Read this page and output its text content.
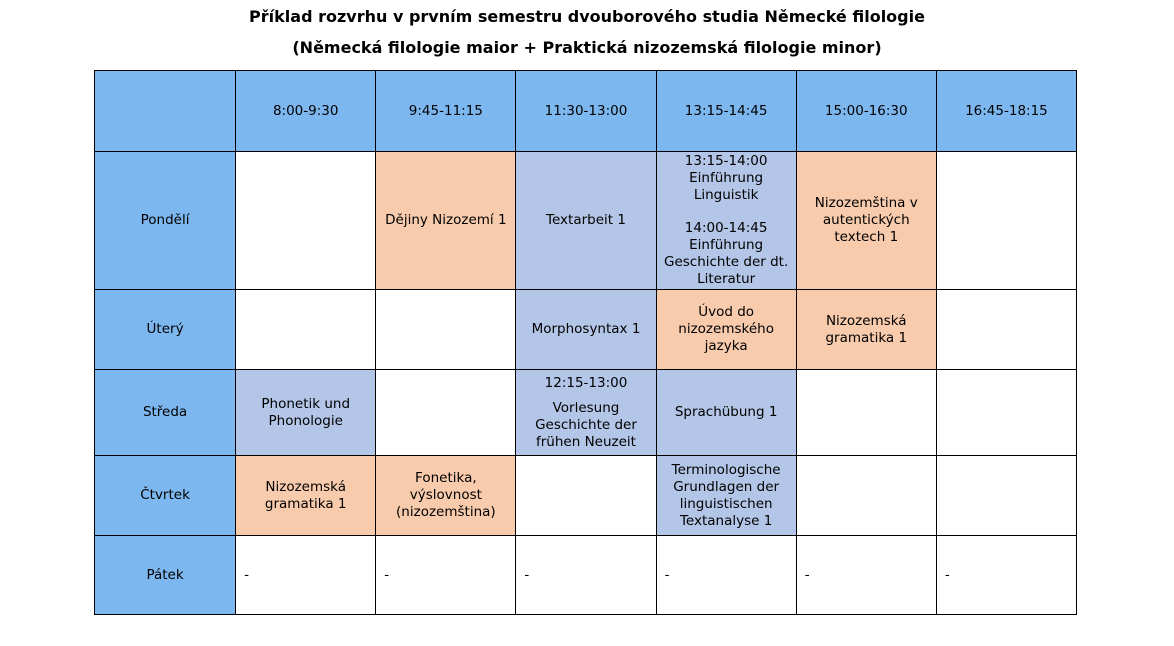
Příklad rozvrhu v prvním semestru dvouborového studia Německé filologie
(Německá filologie maior + Praktická nizozemská filologie minor)
	8:00-9:30	9:45-11:15	11:30-13:00	13:15-14:45	15:00-16:30	16:45-18:15
Pondělí		Dějiny Nizozemí 1	Textarbeit 1	13:15-14:00
Einführung Linguistik
14:00-14:45
Einführung Geschichte der dt. Literatur	Nizozemština v autentických textech 1	
Úterý			Morphosyntax 1	Úvod do nizozemského jazyka	Nizozemská gramatika 1	
Středa	Phonetik und Phonologie		12:15-13:00
Vorlesung Geschichte der frühen Neuzeit	Sprachübung 1		
Čtvrtek	Nizozemská gramatika 1	Fonetika, výslovnost (nizozemština)		Terminologische Grundlagen der linguistischen Textanalyse 1		
Pátek	-	-	-	-	-	-
